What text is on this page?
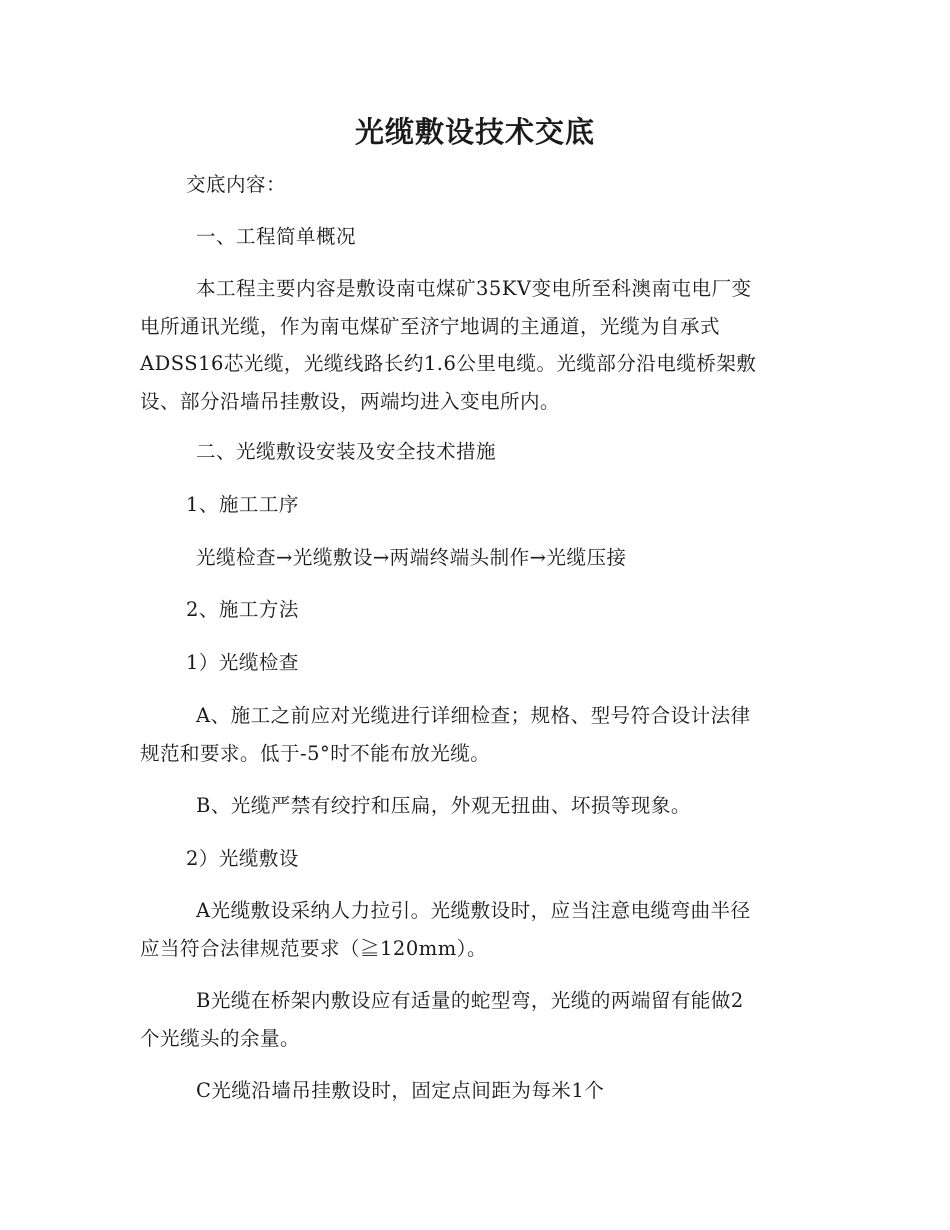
光缆敷设技术交底
交底内容：
一、工程简单概况
本工程主要内容是敷设南屯煤矿35KV变电所至科澳南屯电厂变
电所通讯光缆，作为南屯煤矿至济宁地调的主通道，光缆为自承式
ADSS16芯光缆，光缆线路长约1.6公里电缆。光缆部分沿电缆桥架敷
设、部分沿墙吊挂敷设，两端均进入变电所内。
二、光缆敷设安装及安全技术措施
1、施工工序
光缆检查→光缆敷设→两端终端头制作→光缆压接
2、施工方法
1）光缆检查
A、施工之前应对光缆进行详细检查；规格、型号符合设计法律
规范和要求。低于-5°时不能布放光缆。
B、光缆严禁有绞拧和压扁，外观无扭曲、坏损等现象。
2）光缆敷设
A光缆敷设采纳人力拉引。光缆敷设时，应当注意电缆弯曲半径
应当符合法律规范要求（≧120mm）。
B光缆在桥架内敷设应有适量的蛇型弯，光缆的两端留有能做2
个光缆头的余量。
C光缆沿墙吊挂敷设时，固定点间距为每米1个
